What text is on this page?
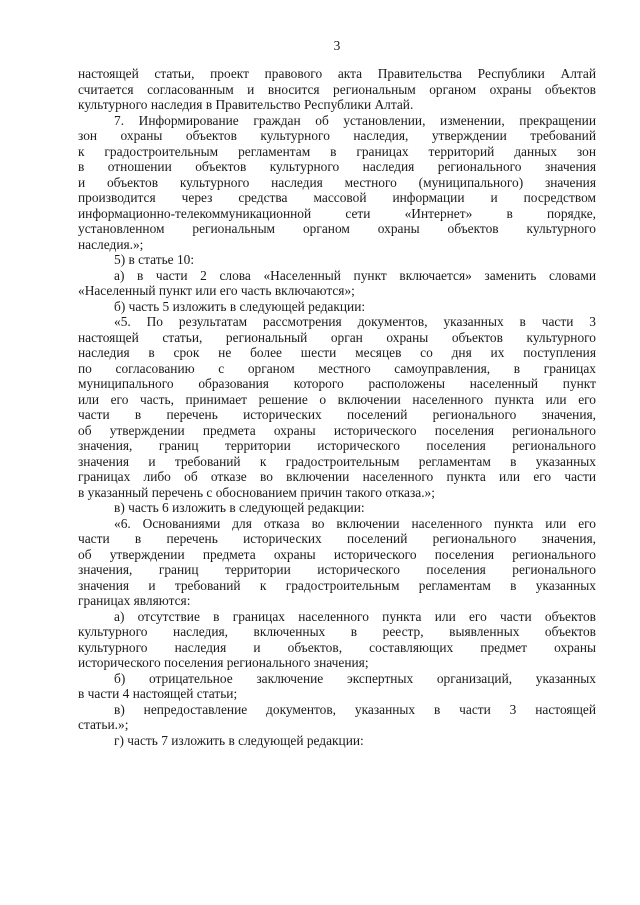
3
настоящей статьи, проект правового акта Правительства Республики Алтай
считается согласованным и вносится региональным органом охраны объектов
культурного наследия в Правительство Республики Алтай.
7. Информирование граждан об установлении, изменении, прекращении
зон охраны объектов культурного наследия, утверждении требований
к градостроительным регламентам в границах территорий данных зон
в отношении объектов культурного наследия регионального значения
и объектов культурного наследия местного (муниципального) значения
производится через средства массовой информации и посредством
информационно-телекоммуникационной сети «Интернет» в порядке,
установленном региональным органом охраны объектов культурного
наследия.»;
5) в статье 10:
а) в части 2 слова «Населенный пункт включается» заменить словами
«Населенный пункт или его часть включаются»;
б) часть 5 изложить в следующей редакции:
«5. По результатам рассмотрения документов, указанных в части 3
настоящей статьи, региональный орган охраны объектов культурного
наследия в срок не более шести месяцев со дня их поступления
по согласованию с органом местного самоуправления, в границах
муниципального образования которого расположены населенный пункт
или его часть, принимает решение о включении населенного пункта или его
части в перечень исторических поселений регионального значения,
об утверждении предмета охраны исторического поселения регионального
значения, границ территории исторического поселения регионального
значения и требований к градостроительным регламентам в указанных
границах либо об отказе во включении населенного пункта или его части
в указанный перечень с обоснованием причин такого отказа.»;
в) часть 6 изложить в следующей редакции:
«6. Основаниями для отказа во включении населенного пункта или его
части в перечень исторических поселений регионального значения,
об утверждении предмета охраны исторического поселения регионального
значения, границ территории исторического поселения регионального
значения и требований к градостроительным регламентам в указанных
границах являются:
а) отсутствие в границах населенного пункта или его части объектов
культурного наследия, включенных в реестр, выявленных объектов
культурного наследия и объектов, составляющих предмет охраны
исторического поселения регионального значения;
б) отрицательное заключение экспертных организаций, указанных
в части 4 настоящей статьи;
в) непредоставление документов, указанных в части 3 настоящей
статьи.»;
г) часть 7 изложить в следующей редакции:
